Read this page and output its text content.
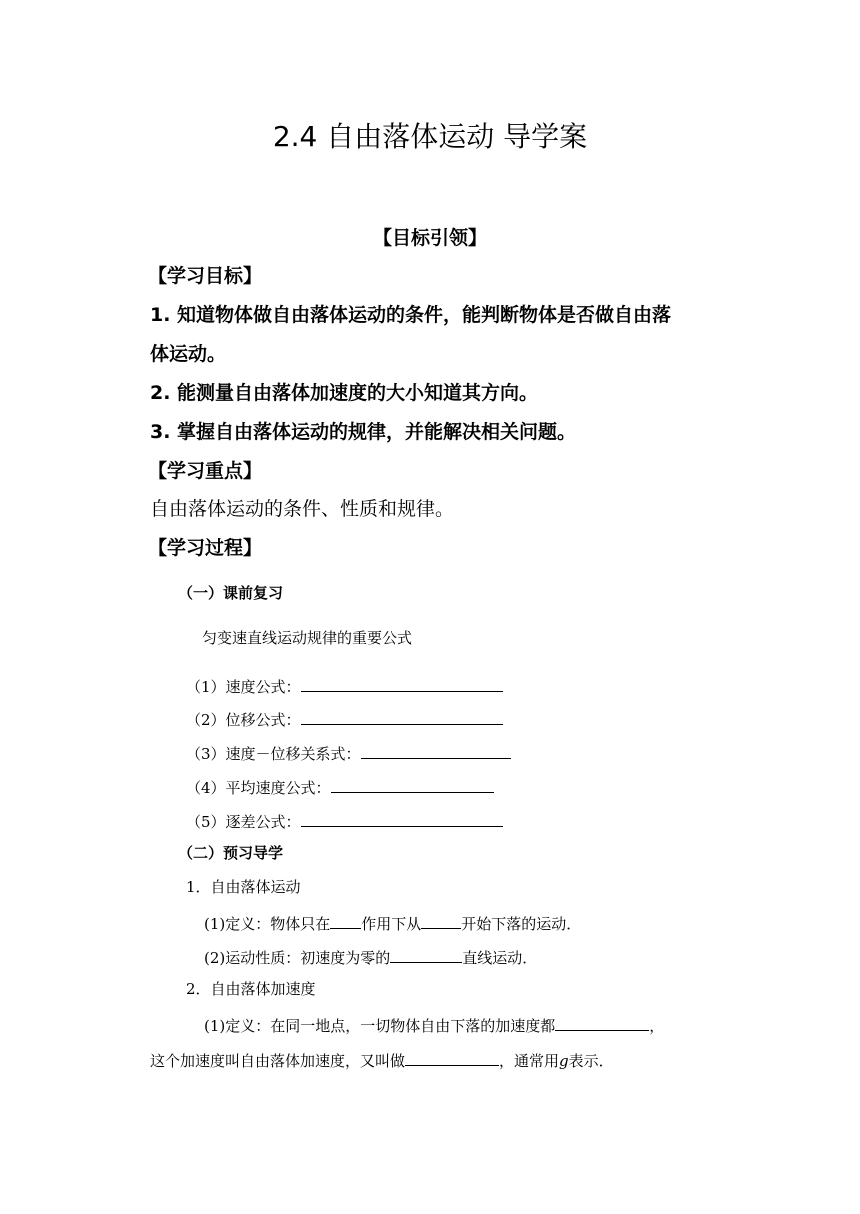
2.4 自由落体运动 导学案
【目标引领】
【学习目标】
1. 知道物体做自由落体运动的条件，能判断物体是否做自由落
体运动。
2. 能测量自由落体加速度的大小知道其方向。
3. 掌握自由落体运动的规律，并能解决相关问题。
【学习重点】
自由落体运动的条件、性质和规律。
【学习过程】
（一）课前复习
匀变速直线运动规律的重要公式
（1）速度公式：
（2）位移公式：
（3）速度－位移关系式：
（4）平均速度公式：
（5）逐差公式：
（二）预习导学
1．自由落体运动
(1)定义：物体只在 作用下从	开始下落的运动．
(2)运动性质：初速度为零的	直线运动．
2．自由落体加速度
(1)定义：在同一地点，一切物体自由下落的加速度都	，
这个加速度叫自由落体加速度，又叫做	，通常用g表示．
